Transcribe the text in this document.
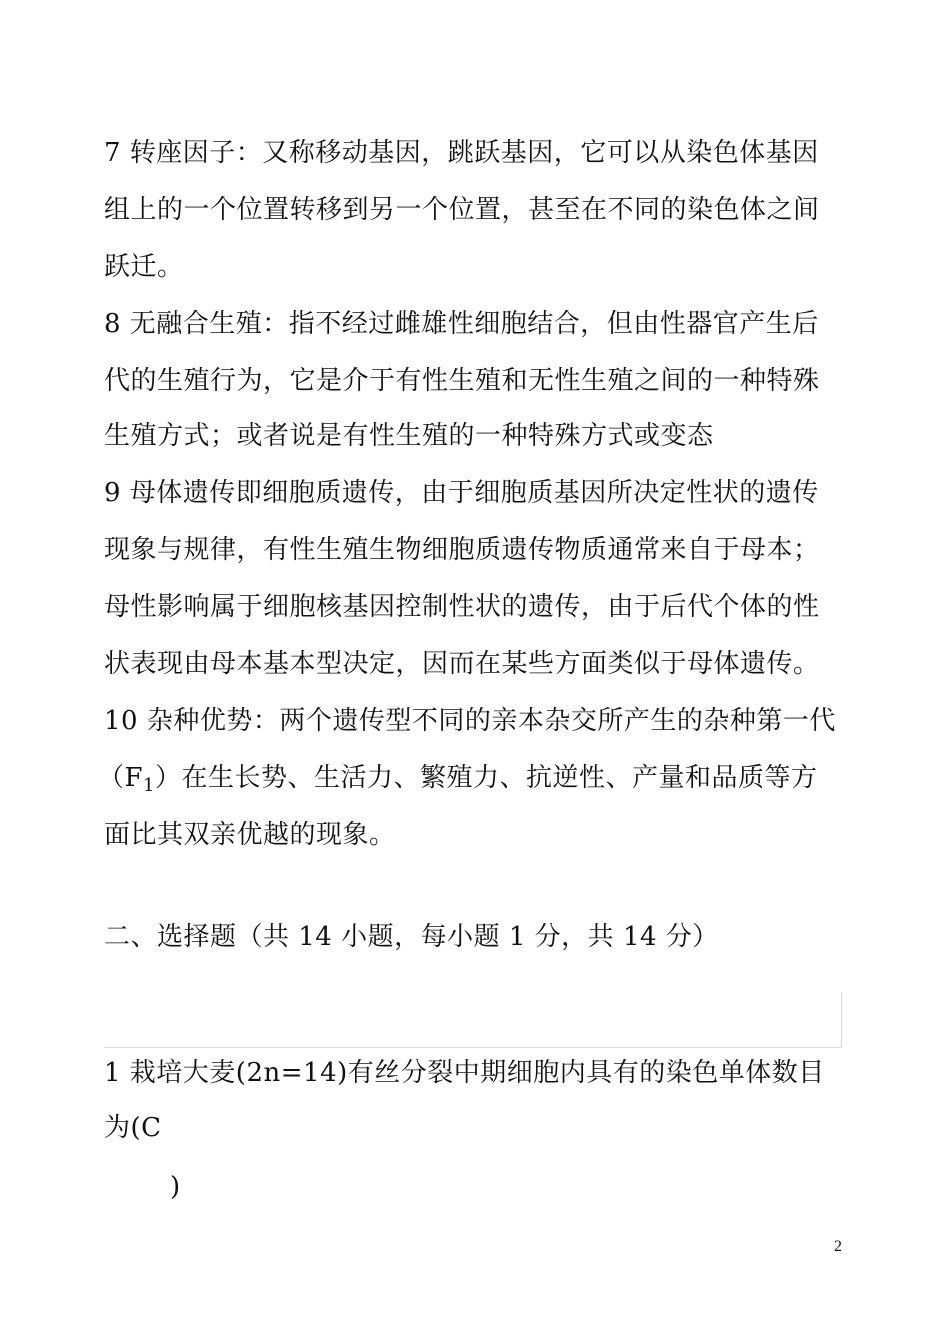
7 转座因子：又称移动基因，跳跃基因，它可以从染色体基因
组上的一个位置转移到另一个位置，甚至在不同的染色体之间
跃迁。
8 无融合生殖：指不经过雌雄性细胞结合，但由性器官产生后
代的生殖行为，它是介于有性生殖和无性生殖之间的一种特殊
生殖方式；或者说是有性生殖的一种特殊方式或变态
9 母体遗传即细胞质遗传，由于细胞质基因所决定性状的遗传
现象与规律，有性生殖生物细胞质遗传物质通常来自于母本；
母性影响属于细胞核基因控制性状的遗传，由于后代个体的性
状表现由母本基本型决定，因而在某些方面类似于母体遗传。
10 杂种优势：两个遗传型不同的亲本杂交所产生的杂种第一代
$(F_1)$在生长势、生活力、繁殖力、抗逆性、产量和品质等方
面比其双亲优越的现象。
二、选择题（共 14 小题，每小题 1 分，共 14 分）
1 栽培大麦(2n=14)有丝分裂中期细胞内具有的染色单体数目
为(C
)
2
